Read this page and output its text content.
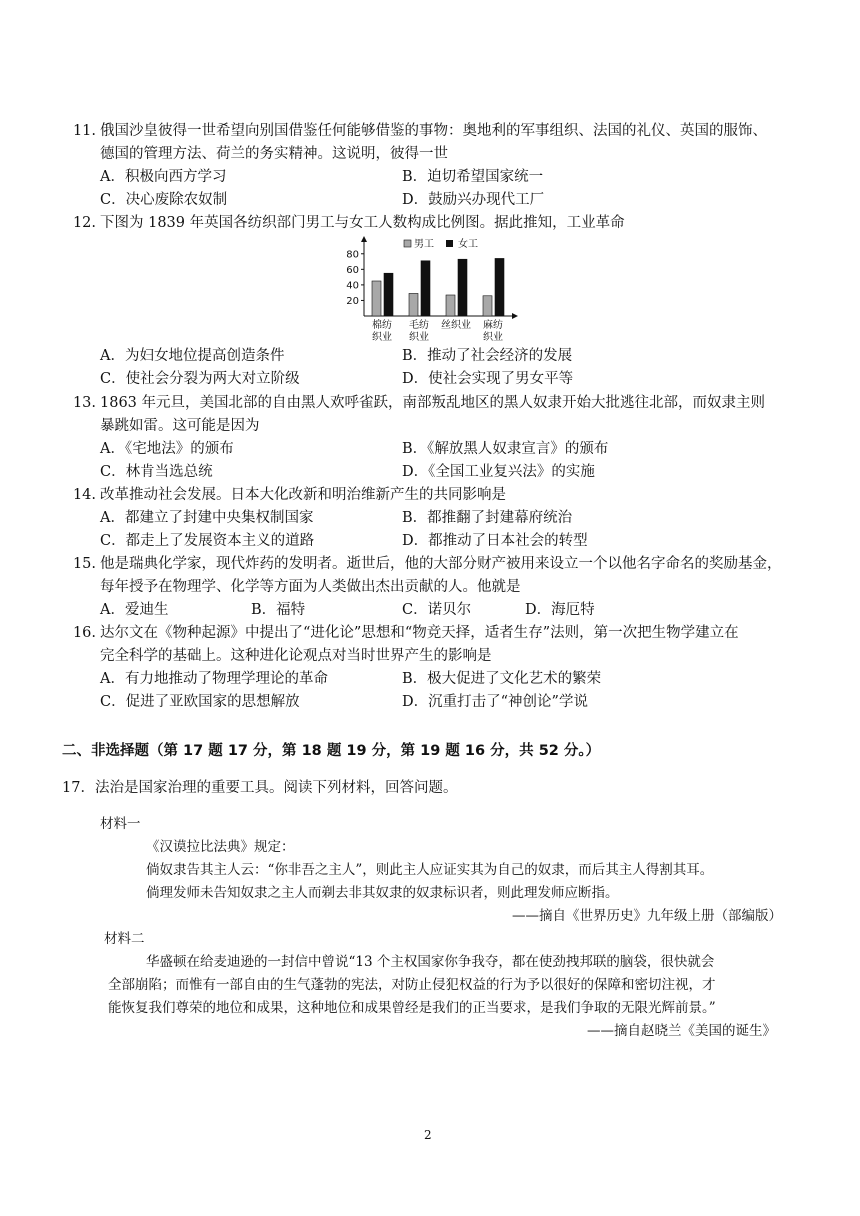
11. 俄国沙皇彼得一世希望向别国借鉴任何能够借鉴的事物：奥地利的军事组织、法国的礼仪、英国的服饰、
德国的管理方法、荷兰的务实精神。这说明，彼得一世
A．积极向西方学习	B．迫切希望国家统一
C．决心废除农奴制	D．鼓励兴办现代工厂
12. 下图为 1839 年英国各纺织部门男工与女工人数构成比例图。据此推知，工业革命
20
40
60
80
棉纺
织业
毛纺
织业
丝织业 麻纺
织业
男工 女工
A．为妇女地位提高创造条件	B．推动了社会经济的发展
C．使社会分裂为两大对立阶级	D．使社会实现了男女平等
13. 1863 年元旦，美国北部的自由黑人欢呼雀跃，南部叛乱地区的黑人奴隶开始大批逃往北部，而奴隶主则
暴跳如雷。这可能是因为
A．《宅地法》的颁布	B．《解放黑人奴隶宣言》的颁布
C．林肯当选总统	D．《全国工业复兴法》的实施
14. 改革推动社会发展。日本大化改新和明治维新产生的共同影响是
A．都建立了封建中央集权制国家	B．都推翻了封建幕府统治
C．都走上了发展资本主义的道路	D．都推动了日本社会的转型
15. 他是瑞典化学家，现代炸药的发明者。逝世后，他的大部分财产被用来设立一个以他名字命名的奖励基金，
每年授予在物理学、化学等方面为人类做出杰出贡献的人。他就是
A．爱迪生	B．福特	C．诺贝尔	D．海厄特
16. 达尔文在《物种起源》中提出了“进化论”思想和“物竞天择，适者生存”法则，第一次把生物学建立在
完全科学的基础上。这种进化论观点对当时世界产生的影响是
A．有力地推动了物理学理论的革命	B．极大促进了文化艺术的繁荣
C．促进了亚欧国家的思想解放	D．沉重打击了“神创论”学说
二、非选择题（第 17 题 17 分，第 18 题 19 分，第 19 题 16 分，共 52 分。）
17．法治是国家治理的重要工具。阅读下列材料，回答问题。
材料一
《汉谟拉比法典》规定：
倘奴隶告其主人云：“你非吾之主人”，则此主人应证实其为自己的奴隶，而后其主人得割其耳。
倘理发师未告知奴隶之主人而剃去非其奴隶的奴隶标识者，则此理发师应断指。
——摘自《世界历史》九年级上册（部编版）
材料二
华盛顿在给麦迪逊的一封信中曾说“13 个主权国家你争我夺，都在使劲拽邦联的脑袋，很快就会
全部崩陷；而惟有一部自由的生气蓬勃的宪法，对防止侵犯权益的行为予以很好的保障和密切注视，才
能恢复我们尊荣的地位和成果，这种地位和成果曾经是我们的正当要求，是我们争取的无限光辉前景。”
——摘自赵晓兰《美国的诞生》
2
